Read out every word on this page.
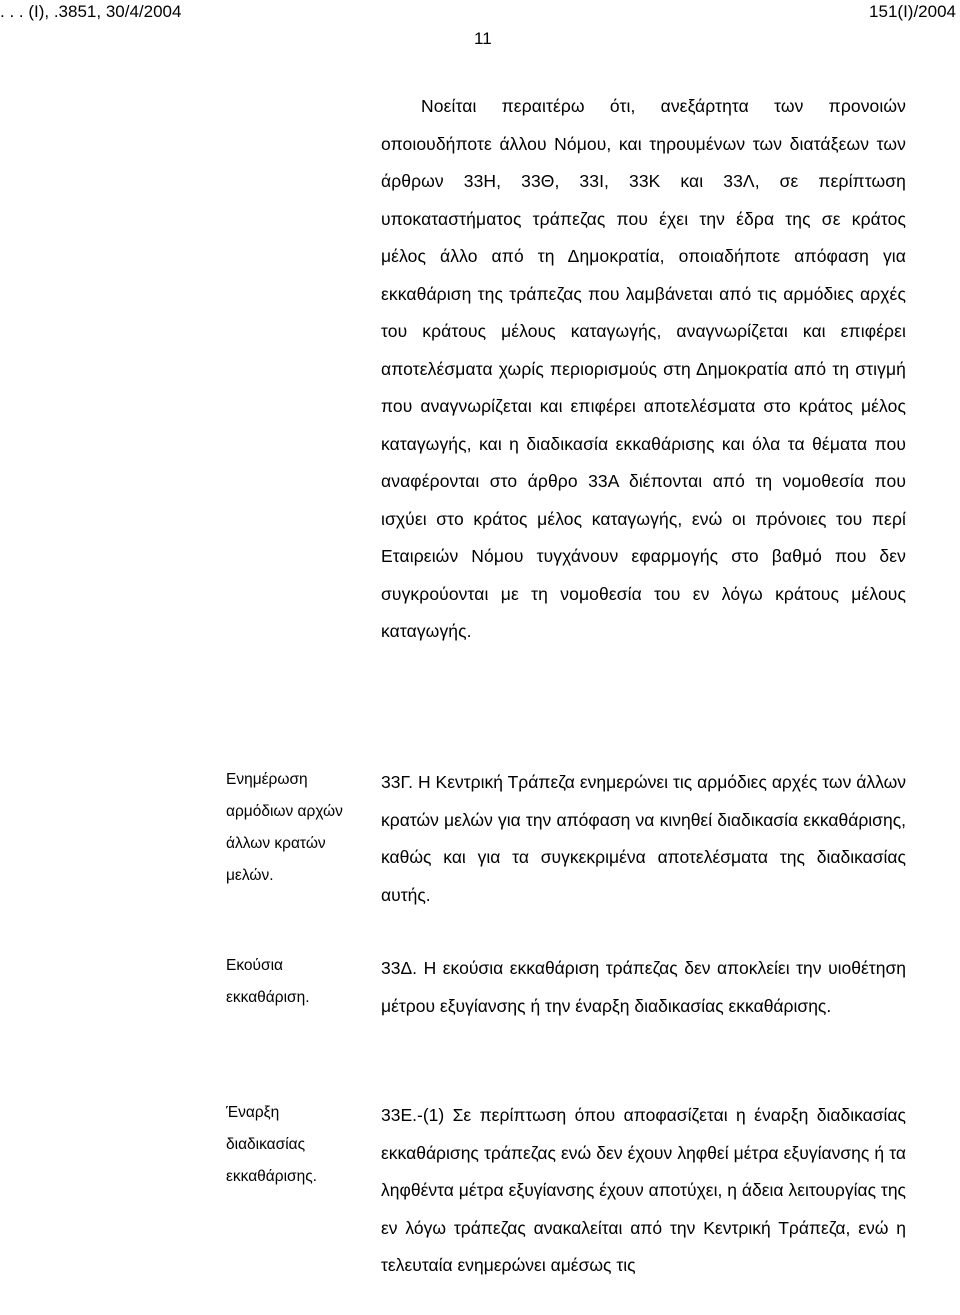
. . . (Ι), .3851, 30/4/2004	151(Ι)/2004
11

Νοείται περαιτέρω ότι, ανεξάρτητα των προνοιών οποιουδήποτε άλλου Νόμου, και τηρουμένων των διατάξεων των άρθρων 33Η, 33Θ, 33Ι, 33Κ και 33Λ, σε περίπτωση υποκαταστήματος τράπεζας που έχει την έδρα της σε κράτος μέλος άλλο από τη Δημοκρατία, οποιαδήποτε απόφαση για εκκαθάριση της τράπεζας που λαμβάνεται από τις αρμόδιες αρχές του κράτους μέλους καταγωγής, αναγνωρίζεται και επιφέρει αποτελέσματα χωρίς περιορισμούς στη Δημοκρατία από τη στιγμή που αναγνωρίζεται και επιφέρει αποτελέσματα στο κράτος μέλος καταγωγής, και η διαδικασία εκκαθάρισης και όλα τα θέματα που αναφέρονται στο άρθρο 33Α διέπονται από τη νομοθεσία που ισχύει στο κράτος μέλος καταγωγής, ενώ οι πρόνοιες του περί Εταιρειών Νόμου τυγχάνουν εφαρμογής στο βαθμό που δεν συγκρούονται με τη νομοθεσία του εν λόγω κράτους μέλους καταγωγής.

Ενημέρωση αρμόδιων αρχών άλλων κρατών μελών.

33Γ. Η Κεντρική Τράπεζα ενημερώνει τις αρμόδιες αρχές των άλλων κρατών μελών για την απόφαση να κινηθεί διαδικασία εκκαθάρισης, καθώς και για τα συγκεκριμένα αποτελέσματα της διαδικασίας αυτής.

Εκούσια εκκαθάριση.

33Δ. Η εκούσια εκκαθάριση τράπεζας δεν αποκλείει την υιοθέτηση μέτρου εξυγίανσης ή την έναρξη διαδικασίας εκκαθάρισης.

Έναρξη διαδικασίας εκκαθάρισης.

33Ε.-(1) Σε περίπτωση όπου αποφασίζεται η έναρξη διαδικασίας εκκαθάρισης τράπεζας ενώ δεν έχουν ληφθεί μέτρα εξυγίανσης ή τα ληφθέντα μέτρα εξυγίανσης έχουν αποτύχει, η άδεια λειτουργίας της εν λόγω τράπεζας ανακαλείται από την Κεντρική Τράπεζα, ενώ η τελευταία ενημερώνει αμέσως τις
